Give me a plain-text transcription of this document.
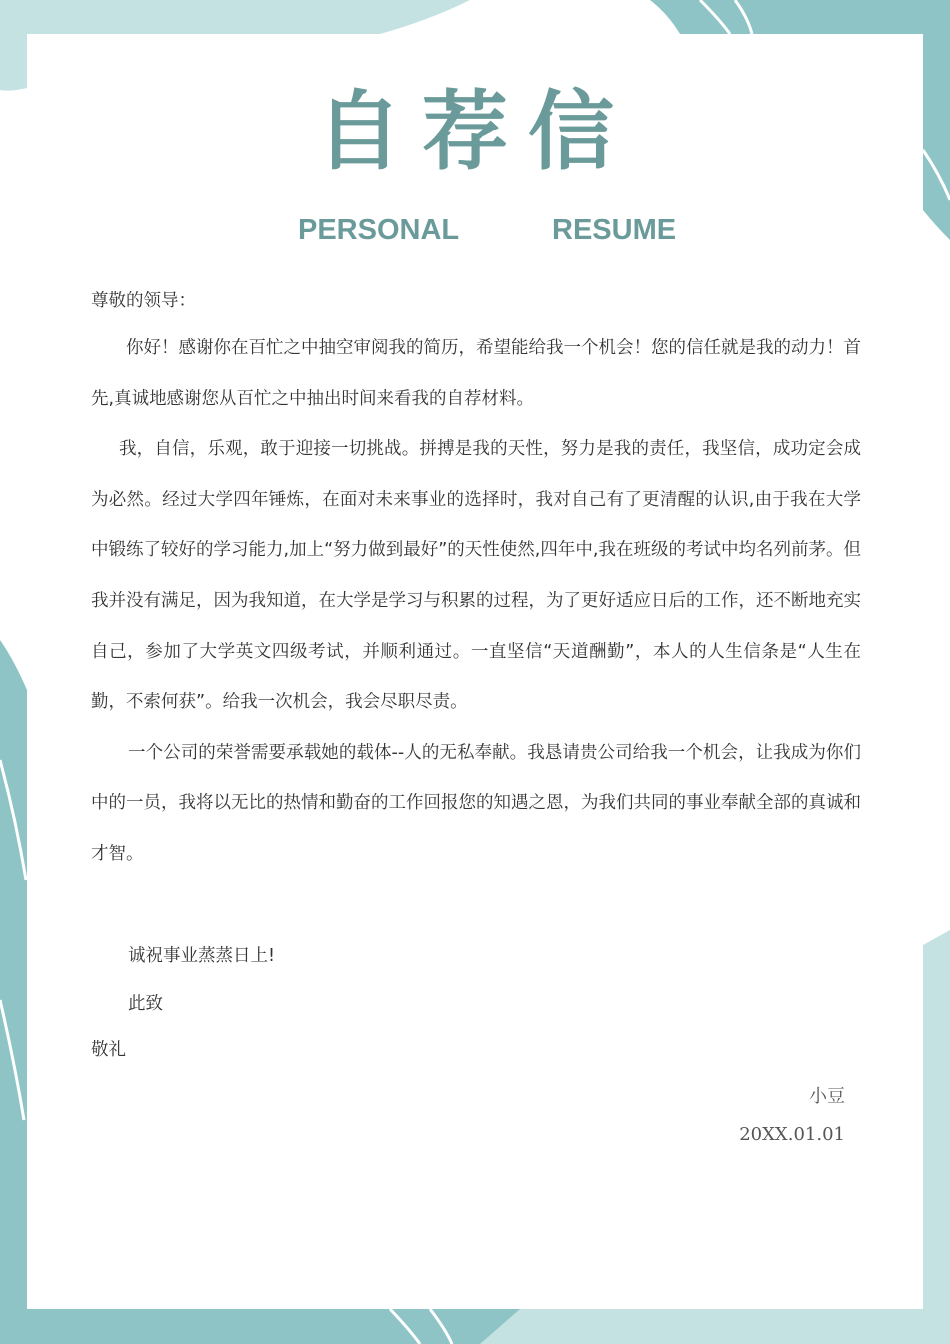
自荐信
PERSONAL	RESUME
尊敬的领导：

你好！感谢你在百忙之中抽空审阅我的简历，希望能给我一个机会！您的信任就是我的动力！首先,真诚地感谢您从百忙之中抽出时间来看我的自荐材料。

我，自信，乐观，敢于迎接一切挑战。拼搏是我的天性，努力是我的责任，我坚信，成功定会成为必然。经过大学四年锤炼，在面对未来事业的选择时，我对自己有了更清醒的认识,由于我在大学中锻练了较好的学习能力,加上“努力做到最好”的天性使然,四年中,我在班级的考试中均名列前茅。但我并没有满足，因为我知道，在大学是学习与积累的过程，为了更好适应日后的工作，还不断地充实自己，参加了大学英文四级考试，并顺利通过。一直坚信“天道酬勤”，本人的人生信条是“人生在勤，不索何获”。给我一次机会，我会尽职尽责。

一个公司的荣誉需要承载她的载体--人的无私奉献。我恳请贵公司给我一个机会，让我成为你们中的一员，我将以无比的热情和勤奋的工作回报您的知遇之恩，为我们共同的事业奉献全部的真诚和才智。

诚祝事业蒸蒸日上!
此致
敬礼
小豆
20XX.01.01
